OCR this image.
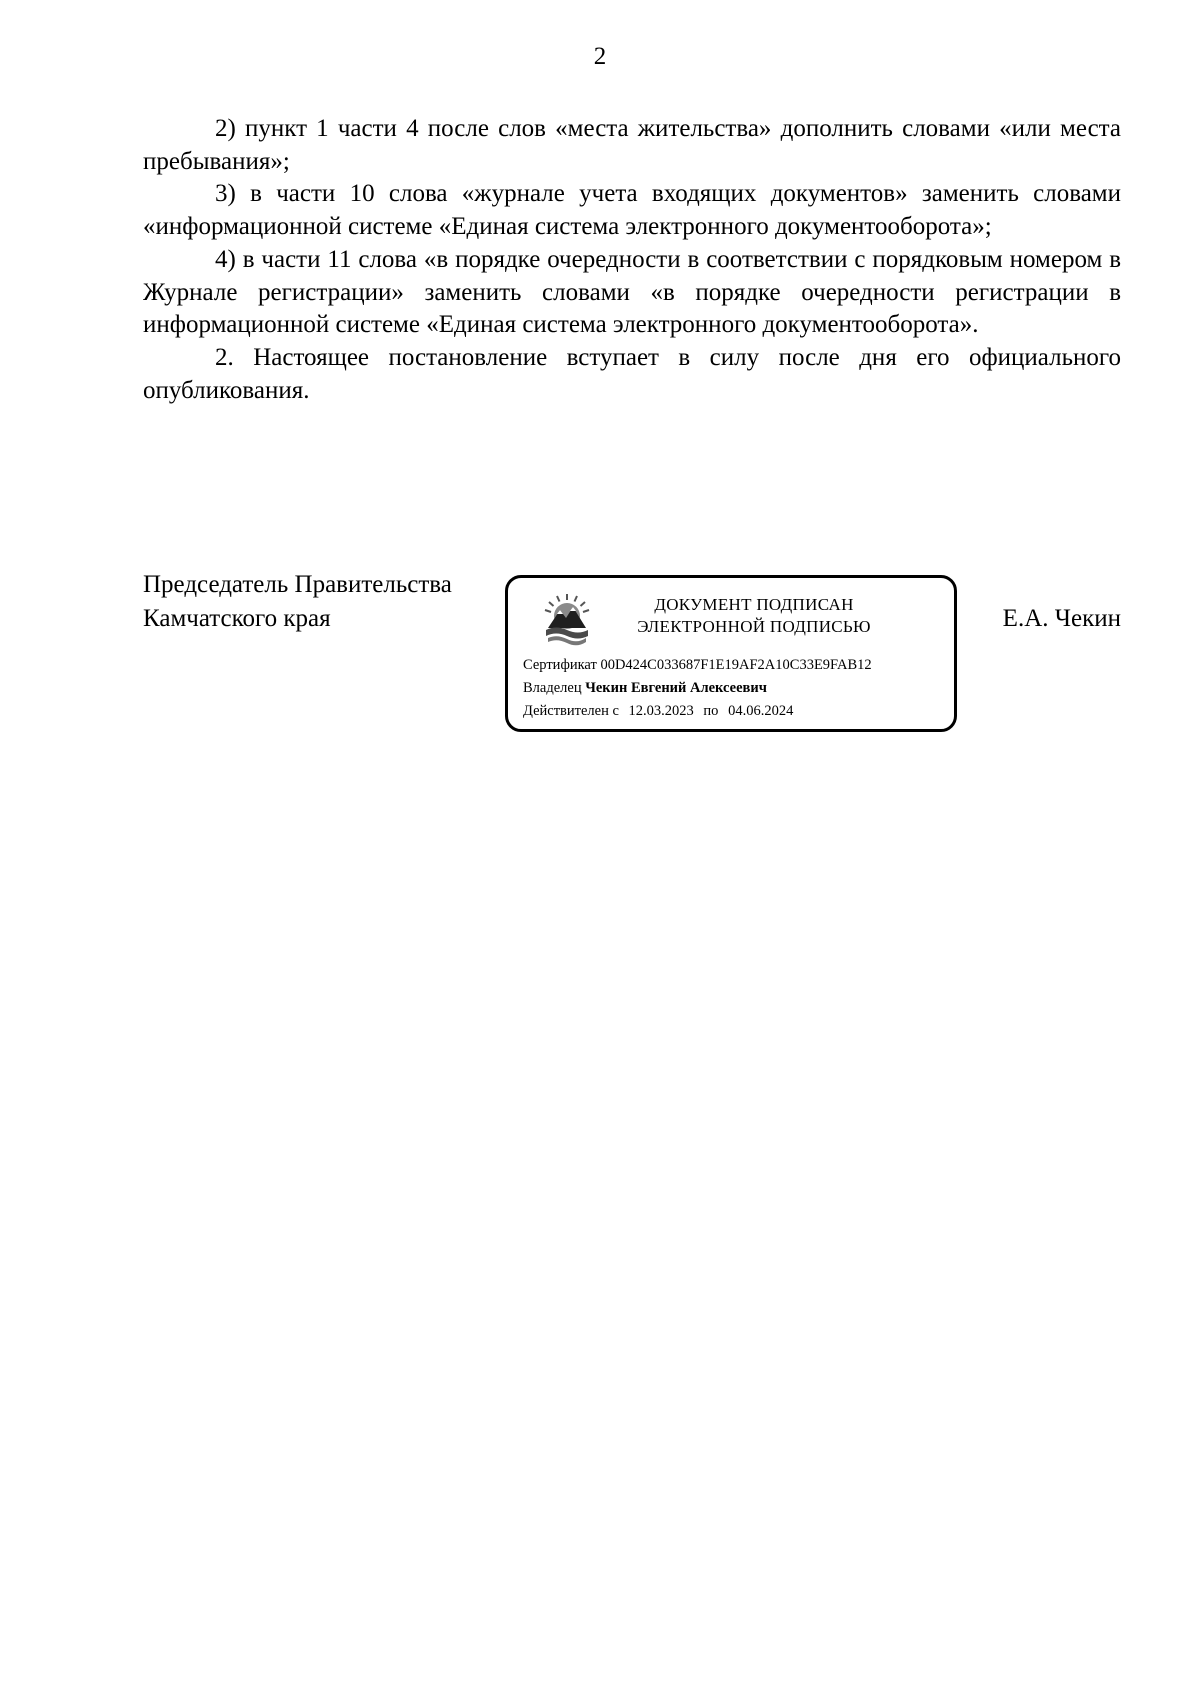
2

2) пункт 1 части 4 после слов «места жительства» дополнить словами «или места пребывания»;

3) в части 10 слова «журнале учета входящих документов» заменить словами «информационной системе «Единая система электронного документооборота»;

4) в части 11 слова «в порядке очередности в соответствии с порядковым номером в Журнале регистрации» заменить словами «в порядке очередности регистрации в информационной системе «Единая система электронного документооборота».

2. Настоящее постановление вступает в силу после дня его официального опубликования.

Председатель Правительства
Камчатского края
ДОКУМЕНТ ПОДПИСАН
ЭЛЕКТРОННОЙ ПОДПИСЬЮ
Сертификат 00D424C033687F1E19AF2A10C33E9FAB12
Владелец Чекин Евгений Алексеевич
Действителен с 12.03.2023 по 04.06.2024
Е.А. Чекин
